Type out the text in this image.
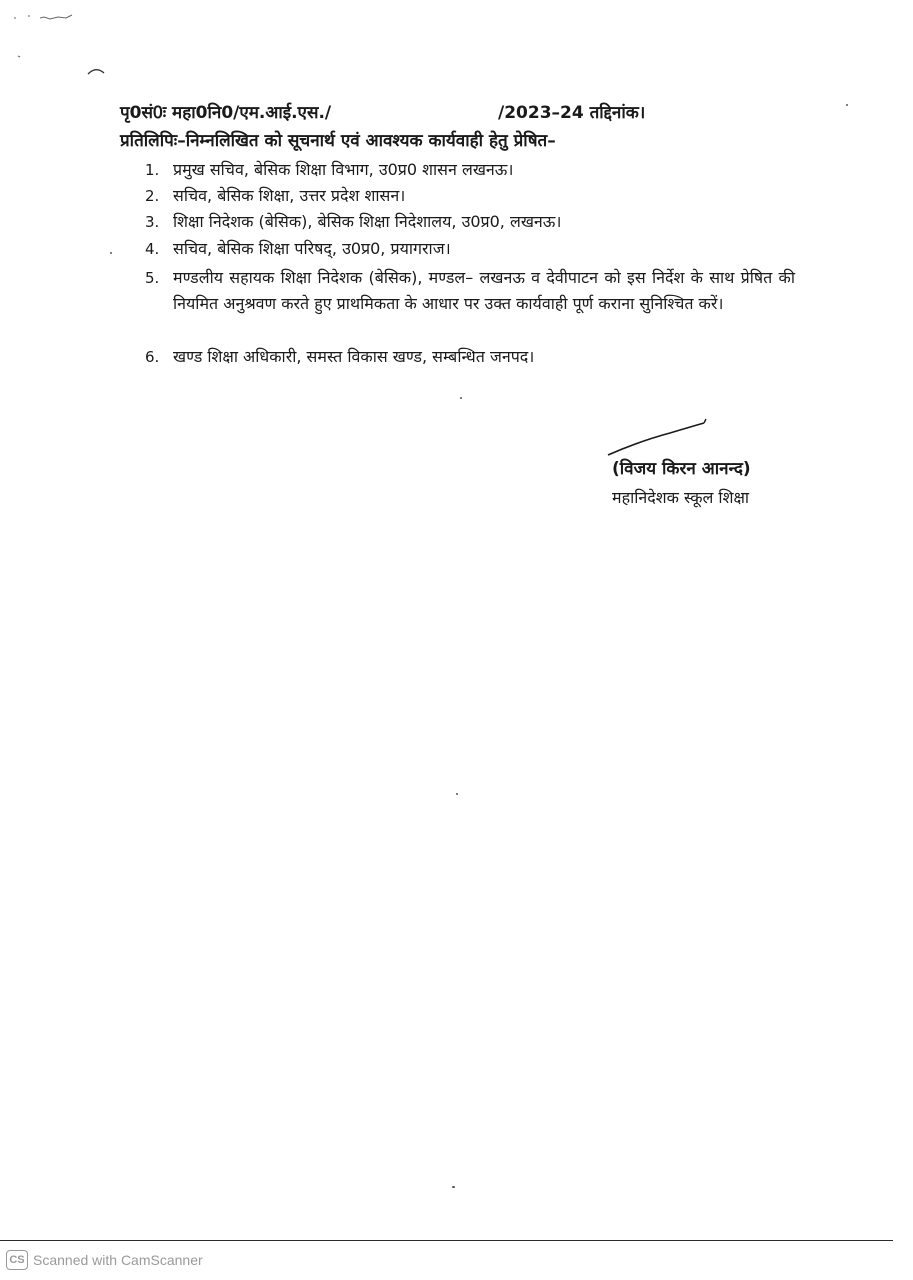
पृ0सं0ः महा0नि0/एम.आई.एस./	/2023–24 तद्दिनांक।
प्रतिलिपिः–निम्नलिखित को सूचनार्थ एवं आवश्यक कार्यवाही हेतु प्रेषित–
1. प्रमुख सचिव, बेसिक शिक्षा विभाग, उ0प्र0 शासन लखनऊ।
2. सचिव, बेसिक शिक्षा, उत्तर प्रदेश शासन।
3. शिक्षा निदेशक (बेसिक), बेसिक शिक्षा निदेशालय, उ0प्र0, लखनऊ।
4. सचिव, बेसिक शिक्षा परिषद्, उ0प्र0, प्रयागराज।
5. मण्डलीय सहायक शिक्षा निदेशक (बेसिक), मण्डल– लखनऊ व देवीपाटन को इस निर्देश के साथ प्रेषित की नियमित अनुश्रवण करते हुए प्राथमिकता के आधार पर उक्त कार्यवाही पूर्ण कराना सुनिश्चित करें।
6. खण्ड शिक्षा अधिकारी, समस्त विकास खण्ड, सम्बन्धित जनपद।
(विजय किरन आनन्द)
महानिदेशक स्कूल शिक्षा
CS Scanned with CamScanner
